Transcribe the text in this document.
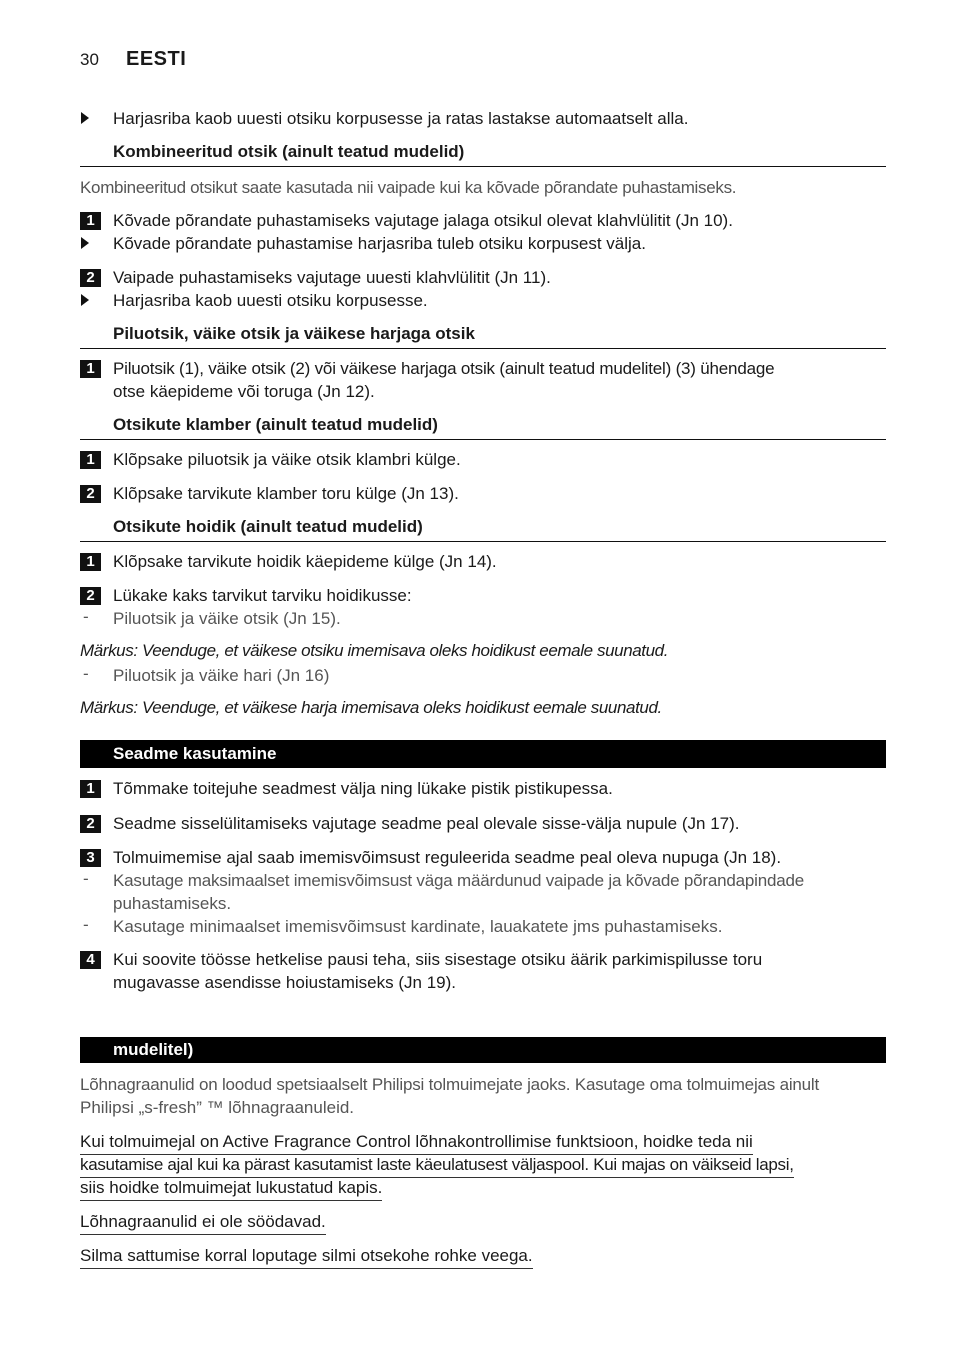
30 EESTI
Harjasriba kaob uuesti otsiku korpusesse ja ratas lastakse automaatselt alla.
Kombineeritud otsik (ainult teatud mudelid)
Kombineeritud otsikut saate kasutada nii vaipade kui ka kõvade põrandate puhastamiseks.
1	Kõvade põrandate puhastamiseks vajutage jalaga otsikul olevat klahvlülitit (Jn 10).
Kõvade põrandate puhastamise harjasriba tuleb otsiku korpusest välja.
2	Vaipade puhastamiseks vajutage uuesti klahvlülitit (Jn 11).
Harjasriba kaob uuesti otsiku korpusesse.
Piluotsik, väike otsik ja väikese harjaga otsik
1	Piluotsik (1), väike otsik (2) või väikese harjaga otsik (ainult teatud mudelitel) (3) ühendage
otse käepideme või toruga (Jn 12).
Otsikute klamber (ainult teatud mudelid)
1	Klõpsake piluotsik ja väike otsik klambri külge.
2	Klõpsake tarvikute klamber toru külge (Jn 13).
Otsikute hoidik (ainult teatud mudelid)
1	Klõpsake tarvikute hoidik käepideme külge (Jn 14).
2	Lükake kaks tarvikut tarviku hoidikusse:
- Piluotsik ja väike otsik (Jn 15).
Märkus: Veenduge, et väikese otsiku imemisava oleks hoidikust eemale suunatud.
- Piluotsik ja väike hari (Jn 16)
Märkus: Veenduge, et väikese harja imemisava oleks hoidikust eemale suunatud.
Seadme kasutamine
1	Tõmmake toitejuhe seadmest välja ning lükake pistik pistikupessa.
2	Seadme sisselülitamiseks vajutage seadme peal olevale sisse-välja nupule (Jn 17).
3	Tolmuimemise ajal saab imemisvõimsust reguleerida seadme peal oleva nupuga (Jn 18).
- Kasutage maksimaalset imemisvõimsust väga määrdunud vaipade ja kõvade põrandapindade
puhastamiseks.
- Kasutage minimaalset imemisvõimsust kardinate, lauakatete jms puhastamiseks.
4	Kui soovite töösse hetkelise pausi teha, siis sisestage otsiku äärik parkimispilusse toru
mugavasse asendisse hoiustamiseks (Jn 19).
mudelitel)
Lõhnagraanulid on loodud spetsiaalselt Philipsi tolmuimejate jaoks. Kasutage oma tolmuimejas ainult
Philipsi „s-fresh” ™ lõhnagraanuleid.
Kui tolmuimejal on Active Fragrance Control lõhnakontrollimise funktsioon, hoidke teda nii
kasutamise ajal kui ka pärast kasutamist laste käeulatusest väljaspool. Kui majas on väikseid lapsi,
siis hoidke tolmuimejat lukustatud kapis.
Lõhnagraanulid ei ole söödavad.
Silma sattumise korral loputage silmi otsekohe rohke veega.
